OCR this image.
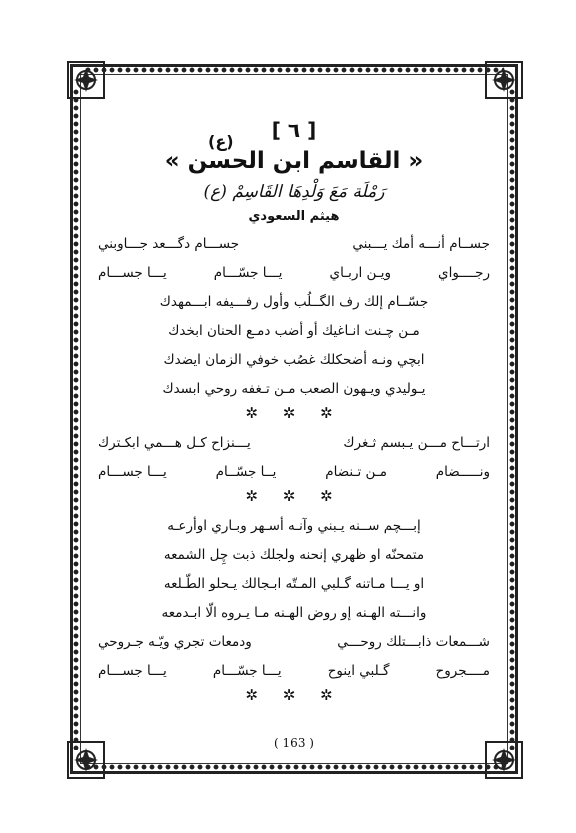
[ ٦ ]
(ع)
« القاسم ابن الحسن »
رَمْلَة مَعَ وَلْدِهَا القَاسِمْ (ع)
هيثم السعودي
جســام أنـــه أمك يـــبني
جســـام دگـــعد جـــاوبني
رجــــواي
ويـن اربـاي
يـــا جسّـــام
يـــا جســـام
جسّــام إلك رف الگــلُب وأول رفـــيفه ابـــمهدك
مـن چـنت انـاغيك أو أضب دمـع الحنان ابخدك
ابچي ونـه أضحكلك غصُب خوفي الزمان ايضدك
يـوليدي ويـهون الصعب مـن تـغفه روحي ابسدك
✲ ✲ ✲
ارتـــاح مـــن يـبسم ثـغرك
يـــنزاح كـل هـــمي ابكـترك
ونـــــضام
مـن تـنضام
يــا جسّــام
يـــا جســـام
✲ ✲ ✲
إبـــچم ســنه يـبني وآنـه أسـهر وبـاري اوأرعـه
متمحنّه او ظهري إنحنه ولجلك ذبت چِل الشمعه
او يـــا مـاتنه گـلبي المـتّه ابـجالك يـحلو الطّـلعه
وانـــته الهـنه إو روض الهـنه مـا يـروه الّا ابـدمعه
شـــمعات ذابـــتلك روحـــي
ودمعات تجري ويّـه جـروحي
مــــجروح
گـلبي اينوح
يـــا جسّـــام
يـــا جســـام
✲ ✲ ✲
( 163 )
